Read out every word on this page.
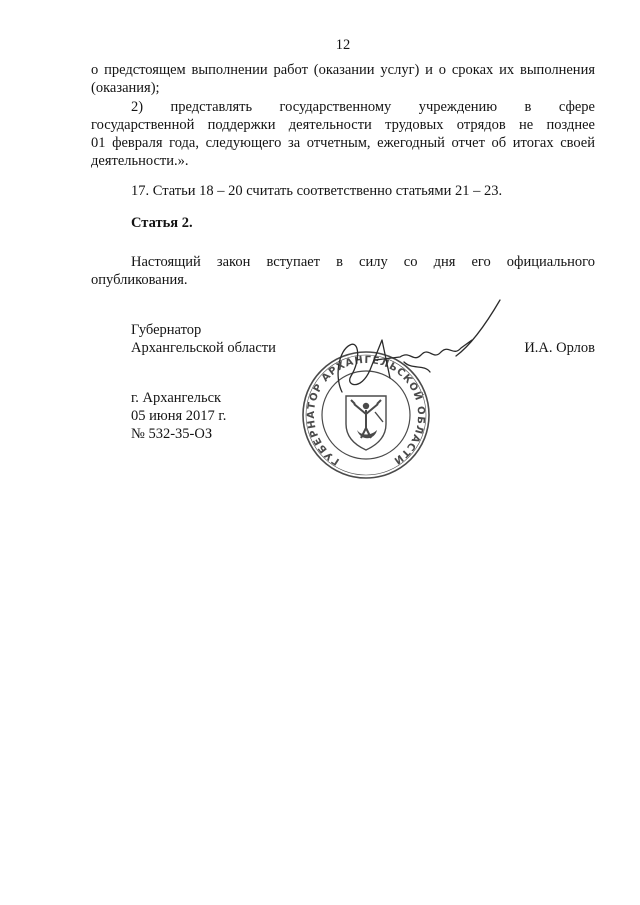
12
о предстоящем выполнении работ (оказании услуг) и о сроках их выполнения
(оказания);
2) представлять государственному учреждению в сфере
государственной поддержки деятельности трудовых отрядов не позднее
01 февраля года, следующего за отчетным, ежегодный отчет об итогах своей
деятельности.».
17. Статьи 18 – 20 считать соответственно статьями 21 – 23.
Статья 2.
Настоящий закон вступает в силу со дня его официального
опубликования.
Губернатор
Архангельской области	И.А. Орлов
г. Архангельск
05 июня 2017 г.
№ 532-35-ОЗ
ГУБЕРНАТОР АРХАНГЕЛЬСКОЙ ОБЛАСТИ
